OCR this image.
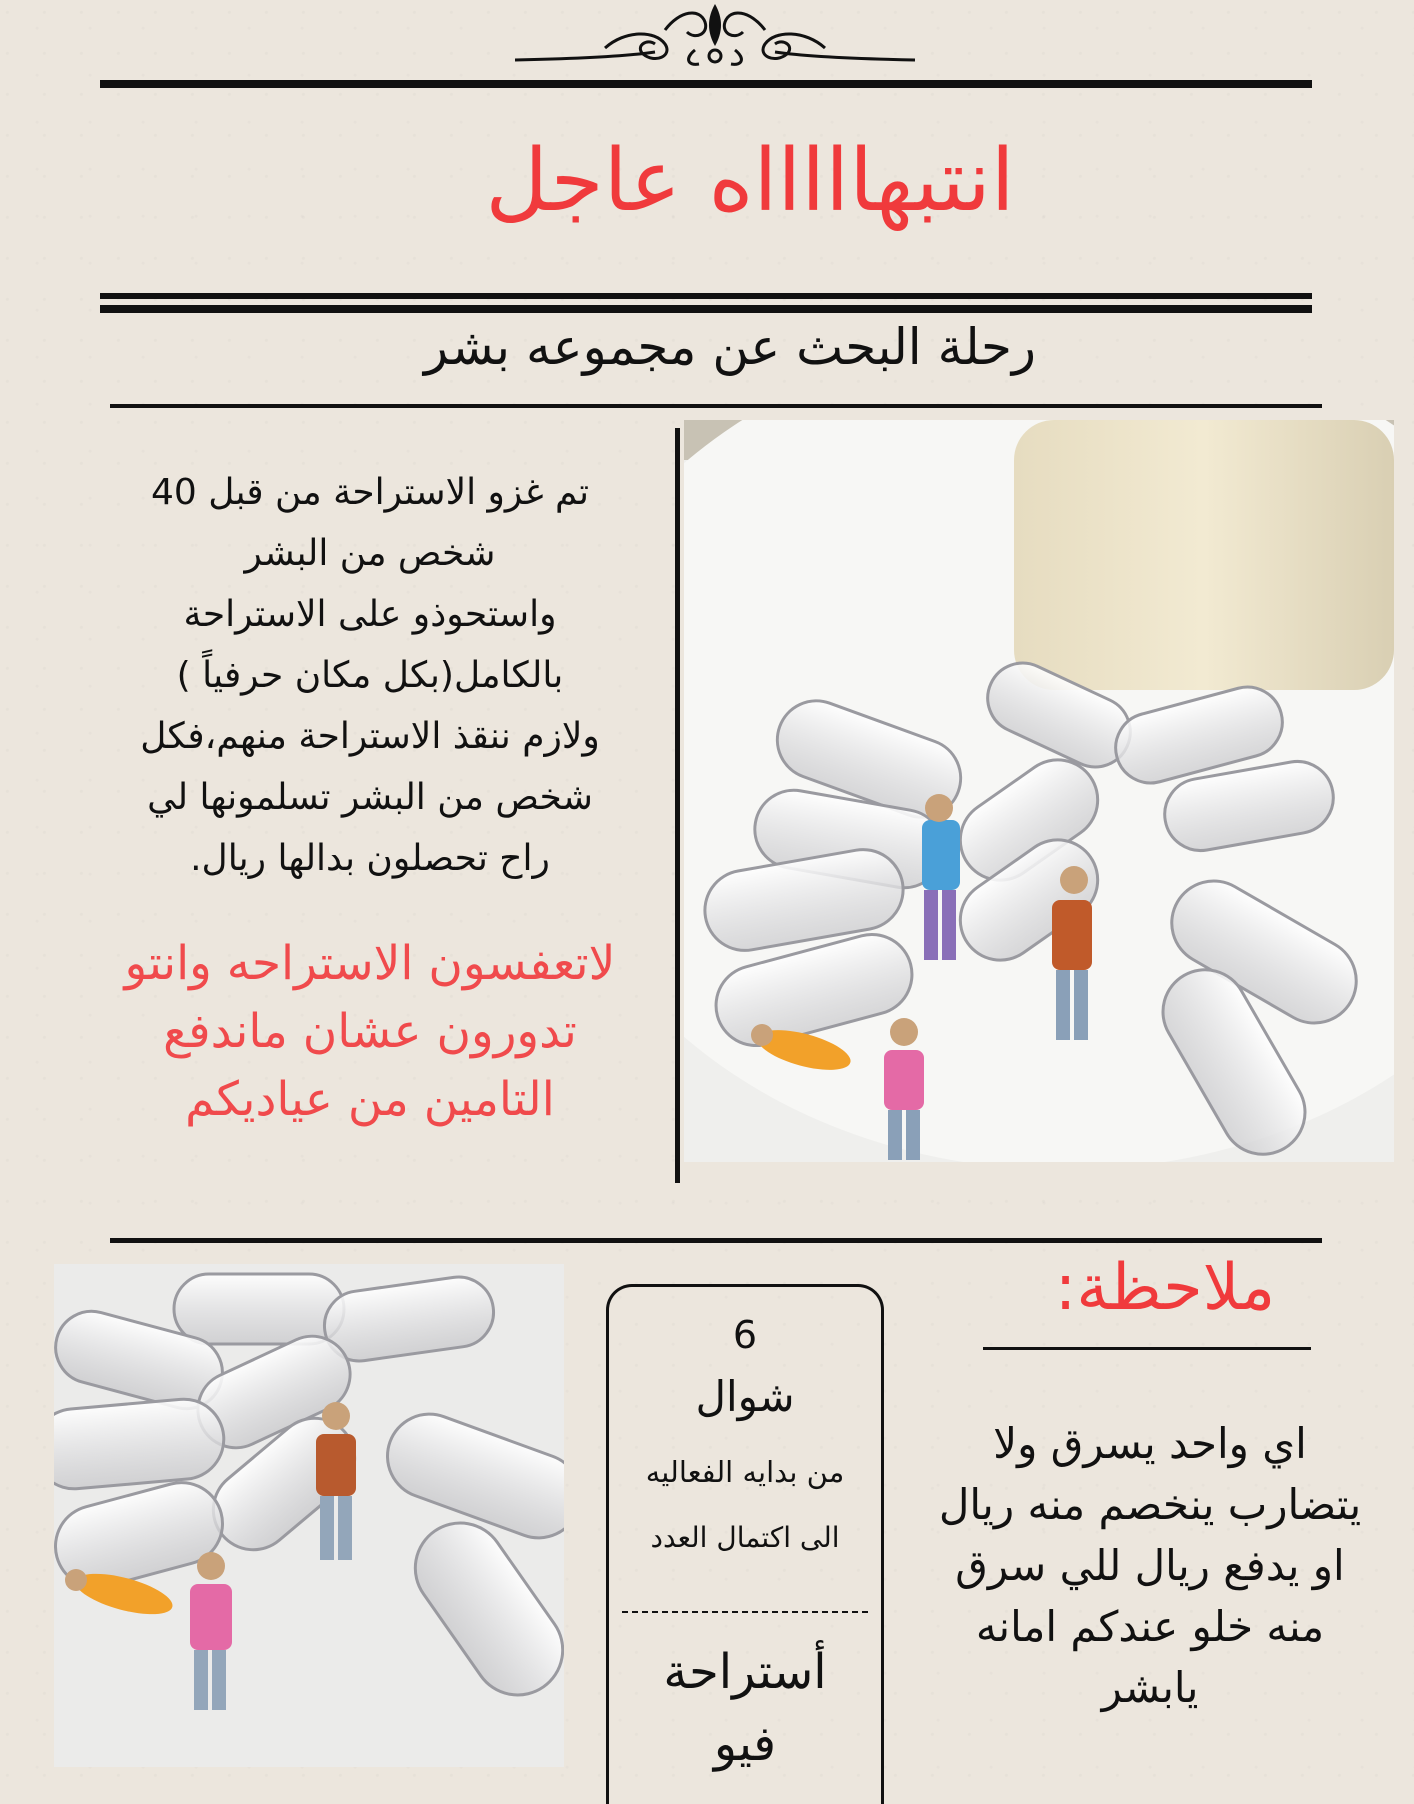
انتبهاااااه عاجل
رحلة البحث عن مجموعه بشر
تم غزو الاستراحة من قبل 40
شخص من البشر
واستحوذو على الاستراحة
بالكامل(بكل مكان حرفياً )
ولازم ننقذ الاستراحة منهم،فكل
شخص من البشر تسلمونها لي
راح تحصلون بدالها ريال.
لاتعفسون الاستراحه وانتو
تدورون عشان ماندفع
التامين من عياديكم
6
شوال
من بدايه الفعاليه
الى اكتمال العدد
أستراحة
فيو
ملاحظة:
اي واحد يسرق ولا
يتضارب ينخصم منه ريال
او يدفع ريال للي سرق
منه خلو عندكم امانه
يابشر
